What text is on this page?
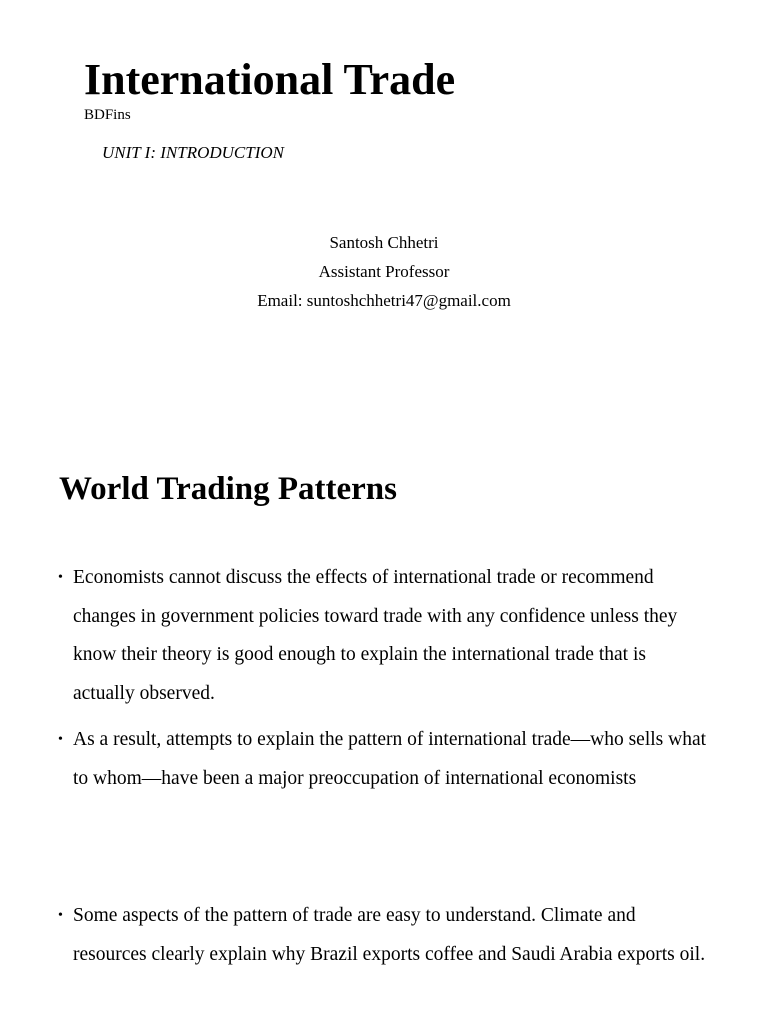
International Trade
BDFins
UNIT I: INTRODUCTION
Santosh Chhetri
Assistant Professor
Email: suntoshchhetri47@gmail.com
World Trading Patterns
• Economists cannot discuss the effects of international trade or recommend changes in government policies toward trade with any confidence unless they know their theory is good enough to explain the international trade that is actually observed.
• As a result, attempts to explain the pattern of international trade—who sells what to whom—have been a major preoccupation of international economists
• Some aspects of the pattern of trade are easy to understand. Climate and resources clearly explain why Brazil exports coffee and Saudi Arabia exports oil.
